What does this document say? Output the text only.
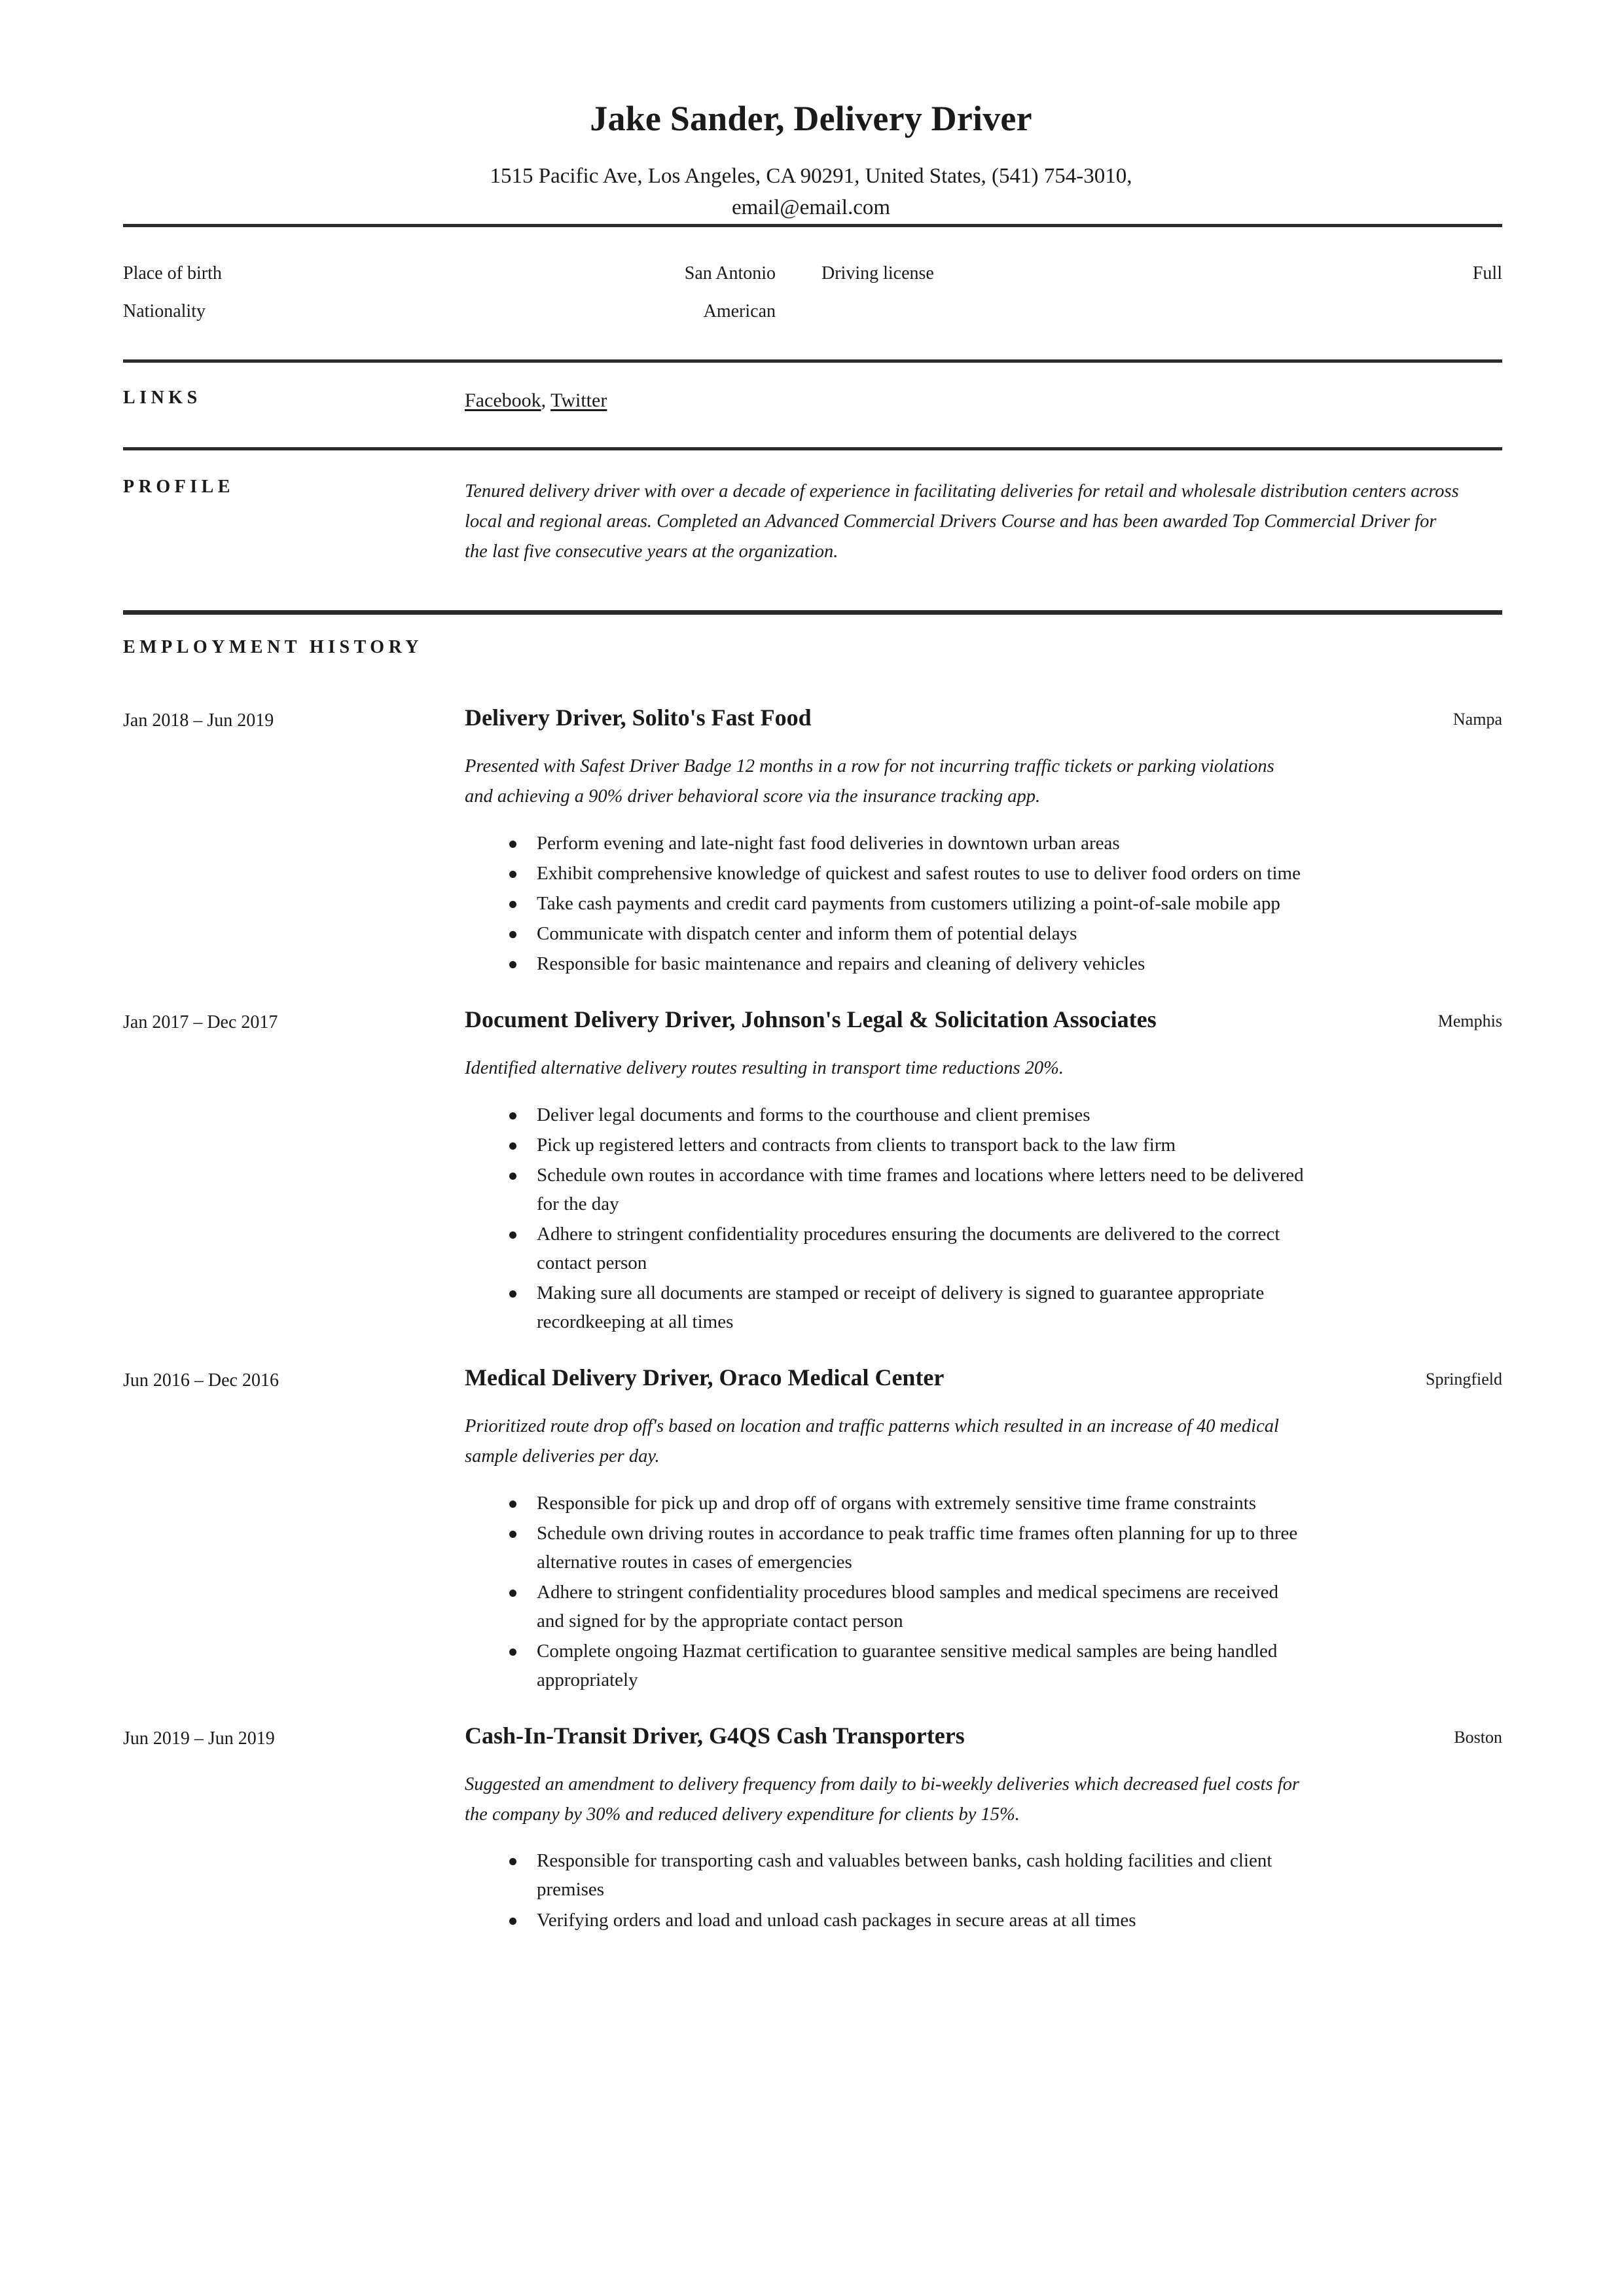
Jake Sander, Delivery Driver
1515 Pacific Ave, Los Angeles, CA 90291, United States, (541) 754-3010, email@email.com
Place of birth	San Antonio	Driving license	Full
Nationality	American
LINKS	Facebook, Twitter
PROFILE	Tenured delivery driver with over a decade of experience in facilitating deliveries for retail and wholesale distribution centers across local and regional areas. Completed an Advanced Commercial Drivers Course and has been awarded Top Commercial Driver for the last five consecutive years at the organization.

EMPLOYMENT HISTORY
Jan 2018 – Jun 2019	Nampa
Delivery Driver, Solito's Fast Food

Presented with Safest Driver Badge 12 months in a row for not incurring traffic tickets or parking violations and achieving a 90% driver behavioral score via the insurance tracking app.

Perform evening and late-night fast food deliveries in downtown urban areas
Exhibit comprehensive knowledge of quickest and safest routes to use to deliver food orders on time
Take cash payments and credit card payments from customers utilizing a point-of-sale mobile app
Communicate with dispatch center and inform them of potential delays
Responsible for basic maintenance and repairs and cleaning of delivery vehicles
Jan 2017 – Dec 2017	Memphis
Document Delivery Driver, Johnson's Legal & Solicitation Associates

Identified alternative delivery routes resulting in transport time reductions 20%.

Deliver legal documents and forms to the courthouse and client premises
Pick up registered letters and contracts from clients to transport back to the law firm
Schedule own routes in accordance with time frames and locations where letters need to be delivered for the day
Adhere to stringent confidentiality procedures ensuring the documents are delivered to the correct contact person
Making sure all documents are stamped or receipt of delivery is signed to guarantee appropriate recordkeeping at all times
Jun 2016 – Dec 2016	Springfield
Medical Delivery Driver, Oraco Medical Center

Prioritized route drop off's based on location and traffic patterns which resulted in an increase of 40 medical sample deliveries per day.

Responsible for pick up and drop off of organs with extremely sensitive time frame constraints
Schedule own driving routes in accordance to peak traffic time frames often planning for up to three alternative routes in cases of emergencies
Adhere to stringent confidentiality procedures blood samples and medical specimens are received and signed for by the appropriate contact person
Complete ongoing Hazmat certification to guarantee sensitive medical samples are being handled appropriately
Jun 2019 – Jun 2019	Boston
Cash-In-Transit Driver, G4QS Cash Transporters

Suggested an amendment to delivery frequency from daily to bi-weekly deliveries which decreased fuel costs for the company by 30% and reduced delivery expenditure for clients by 15%.

Responsible for transporting cash and valuables between banks, cash holding facilities and client premises
Verifying orders and load and unload cash packages in secure areas at all times
